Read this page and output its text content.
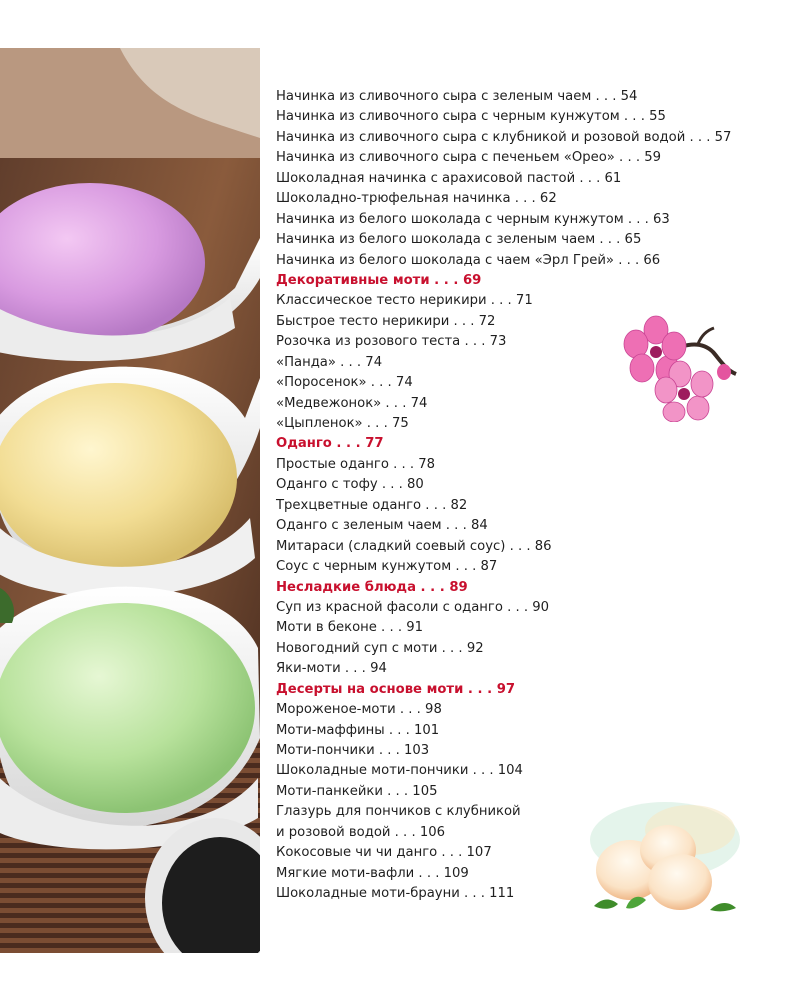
Начинка из сливочного сыра с зеленым чаем . . . 54
Начинка из сливочного сыра с черным кунжутом . . . 55
Начинка из сливочного сыра с клубникой и розовой водой . . . 57
Начинка из сливочного сыра с печеньем «Орео» . . . 59
Шоколадная начинка с арахисовой пастой . . . 61
Шоколадно-трюфельная начинка . . . 62
Начинка из белого шоколада с черным кунжутом . . . 63
Начинка из белого шоколада с зеленым чаем . . . 65
Начинка из белого шоколада с чаем «Эрл Грей» . . . 66
Декоративные моти . . . 69
Классическое тесто нерикири . . . 71
Быстрое тесто нерикири . . . 72
Розочка из розового теста . . . 73
«Панда» . . . 74
«Поросенок» . . . 74
«Медвежонок» . . . 74
«Цыпленок» . . . 75
Оданго . . . 77
Простые оданго . . . 78
Оданго с тофу . . . 80
Трехцветные оданго . . . 82
Оданго с зеленым чаем . . . 84
Митараси (сладкий соевый соус) . . . 86
Соус с черным кунжутом . . . 87
Несладкие блюда . . . 89
Суп из красной фасоли с оданго . . . 90
Моти в беконе . . . 91
Новогодний суп с моти . . . 92
Яки-моти . . . 94
Десерты на основе моти . . . 97
Мороженое-моти . . . 98
Моти-маффины . . . 101
Моти-пончики . . . 103
Шоколадные моти-пончики . . . 104
Моти-панкейки . . . 105
Глазурь для пончиков с клубникой
и розовой водой . . . 106
Кокосовые чи чи данго . . . 107
Мягкие моти-вафли . . . 109
Шоколадные моти-брауни . . . 111
